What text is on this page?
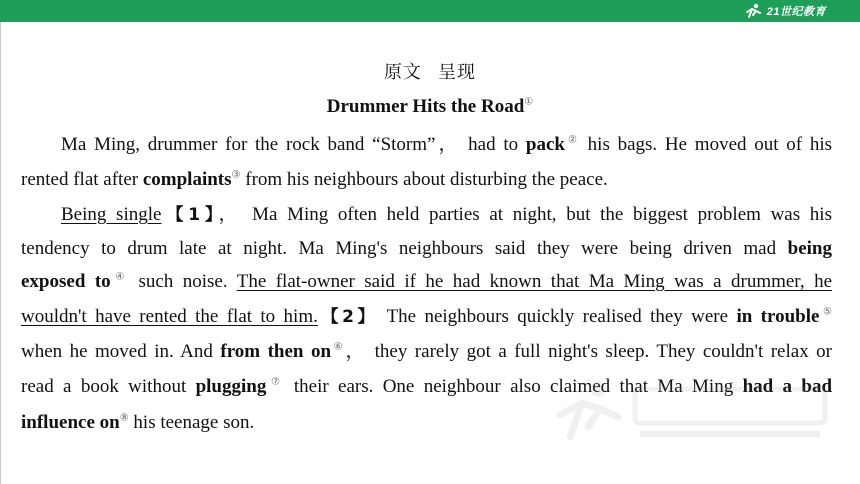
21世纪教育
原文 呈现
Drummer Hits the Road①
Ma Ming, drummer for the rock band “Storm”， had to pack② his bags. He moved out of his
rented flat after complaints③ from his neighbours about disturbing the peace.
Being single【1】， Ma Ming often held parties at night, but the biggest problem was his
tendency to drum late at night. Ma Ming's neighbours said they were being driven mad being
exposed to④ such noise. The flat-owner said if he had known that Ma Ming was a drummer, he
wouldn't have rented the flat to him.【2】 The neighbours quickly realised they were in trouble⑤
when he moved in. And from then on⑥， they rarely got a full night's sleep. They couldn't relax or
read a book without plugging⑦ their ears. One neighbour also claimed that Ma Ming had a bad
influence on⑧ his teenage son.
